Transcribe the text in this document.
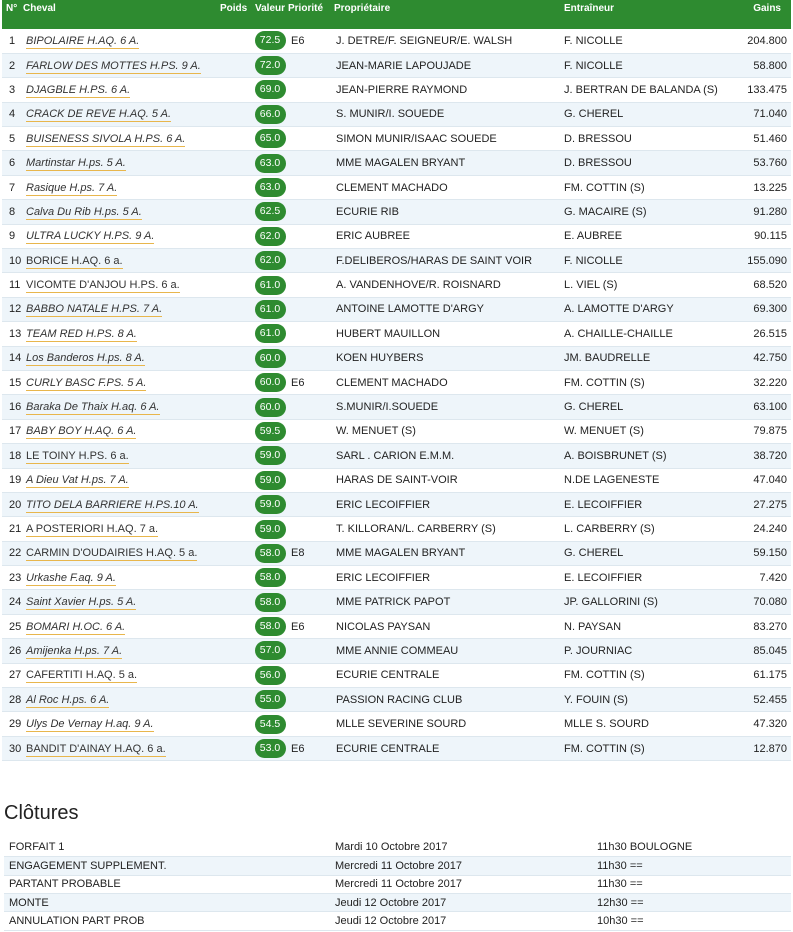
N°	Cheval	Poids	Valeur	Priorité	Propriétaire	Entraîneur	Gains
1	BIPOLAIRE H.AQ. 6 A.		72.5	E6	J. DETRE/F. SEIGNEUR/E. WALSH	F. NICOLLE	204.800
2	FARLOW DES MOTTES H.PS. 9 A.		72.0		JEAN-MARIE LAPOUJADE	F. NICOLLE	58.800
3	DJAGBLE H.PS. 6 A.		69.0		JEAN-PIERRE RAYMOND	J. BERTRAN DE BALANDA (S)	133.475
4	CRACK DE REVE H.AQ. 5 A.		66.0		S. MUNIR/I. SOUEDE	G. CHEREL	71.040
5	BUISENESS SIVOLA H.PS. 6 A.		65.0		SIMON MUNIR/ISAAC SOUEDE	D. BRESSOU	51.460
6	Martinstar H.ps. 5 A.		63.0		MME MAGALEN BRYANT	D. BRESSOU	53.760
7	Rasique H.ps. 7 A.		63.0		CLEMENT MACHADO	FM. COTTIN (S)	13.225
8	Calva Du Rib H.ps. 5 A.		62.5		ECURIE RIB	G. MACAIRE (S)	91.280
9	ULTRA LUCKY H.PS. 9 A.		62.0		ERIC AUBREE	E. AUBREE	90.115
10	BORICE H.AQ. 6 a.		62.0		F.DELIBEROS/HARAS DE SAINT VOIR	F. NICOLLE	155.090
11	VICOMTE D'ANJOU H.PS. 6 a.		61.0		A. VANDENHOVE/R. ROISNARD	L. VIEL (S)	68.520
12	BABBO NATALE H.PS. 7 A.		61.0		ANTOINE LAMOTTE D'ARGY	A. LAMOTTE D'ARGY	69.300
13	TEAM RED H.PS. 8 A.		61.0		HUBERT MAUILLON	A. CHAILLE-CHAILLE	26.515
14	Los Banderos H.ps. 8 A.		60.0		KOEN HUYBERS	JM. BAUDRELLE	42.750
15	CURLY BASC F.PS. 5 A.		60.0	E6	CLEMENT MACHADO	FM. COTTIN (S)	32.220
16	Baraka De Thaix H.aq. 6 A.		60.0		S.MUNIR/I.SOUEDE	G. CHEREL	63.100
17	BABY BOY H.AQ. 6 A.		59.5		W. MENUET (S)	W. MENUET (S)	79.875
18	LE TOINY H.PS. 6 a.		59.0		SARL . CARION E.M.M.	A. BOISBRUNET (S)	38.720
19	A Dieu Vat H.ps. 7 A.		59.0		HARAS DE SAINT-VOIR	N.DE LAGENESTE	47.040
20	TITO DELA BARRIERE H.PS.10 A.		59.0		ERIC LECOIFFIER	E. LECOIFFIER	27.275
21	A POSTERIORI H.AQ. 7 a.		59.0		T. KILLORAN/L. CARBERRY (S)	L. CARBERRY (S)	24.240
22	CARMIN D'OUDAIRIES H.AQ. 5 a.		58.0	E8	MME MAGALEN BRYANT	G. CHEREL	59.150
23	Urkashe F.aq. 9 A.		58.0		ERIC LECOIFFIER	E. LECOIFFIER	7.420
24	Saint Xavier H.ps. 5 A.		58.0		MME PATRICK PAPOT	JP. GALLORINI (S)	70.080
25	BOMARI H.OC. 6 A.		58.0	E6	NICOLAS PAYSAN	N. PAYSAN	83.270
26	Amijenka H.ps. 7 A.		57.0		MME ANNIE COMMEAU	P. JOURNIAC	85.045
27	CAFERTITI H.AQ. 5 a.		56.0		ECURIE CENTRALE	FM. COTTIN (S)	61.175
28	Al Roc H.ps. 6 A.		55.0		PASSION RACING CLUB	Y. FOUIN (S)	52.455
29	Ulys De Vernay H.aq. 9 A.		54.5		MLLE SEVERINE SOURD	MLLE S. SOURD	47.320
30	BANDIT D'AINAY H.AQ. 6 a.		53.0	E6	ECURIE CENTRALE	FM. COTTIN (S)	12.870
Clôtures
FORFAIT 1	Mardi 10 Octobre 2017	11h30 BOULOGNE
ENGAGEMENT SUPPLEMENT.	Mercredi 11 Octobre 2017	11h30 ==
PARTANT PROBABLE	Mercredi 11 Octobre 2017	11h30 ==
MONTE	Jeudi 12 Octobre 2017	12h30 ==
ANNULATION PART PROB	Jeudi 12 Octobre 2017	10h30 ==
